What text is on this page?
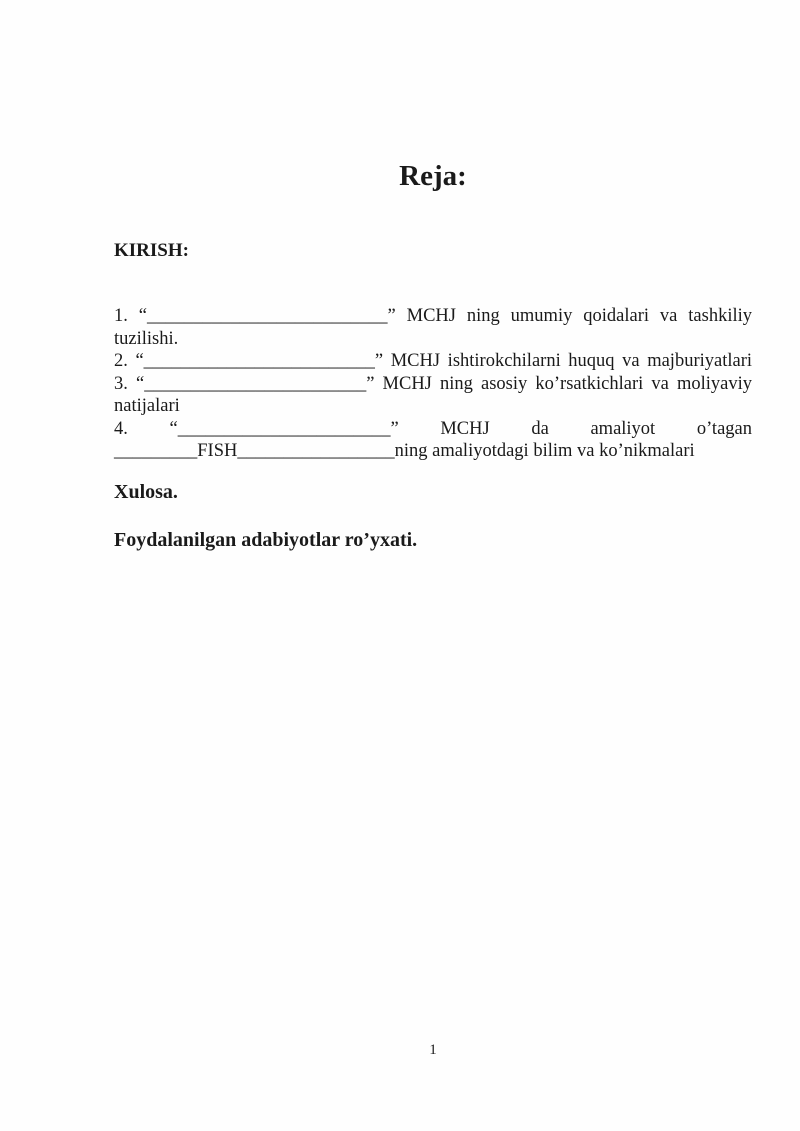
Reja:
KIRISH:
1. “__________________________” MCHJ ning umumiy qoidalari va tashkiliy
tuzilishi.
2. “_________________________” MCHJ ishtirokchilarni huquq va majburiyatlari
3. “________________________” MCHJ ning asosiy ko’rsatkichlari va moliyaviy
natijalari
4. “_______________________” MCHJ da amaliyot o’tagan
_________FISH_________________ning amaliyotdagi bilim va ko’nikmalari
Xulosa.
Foydalanilgan adabiyotlar ro’yxati.
1
